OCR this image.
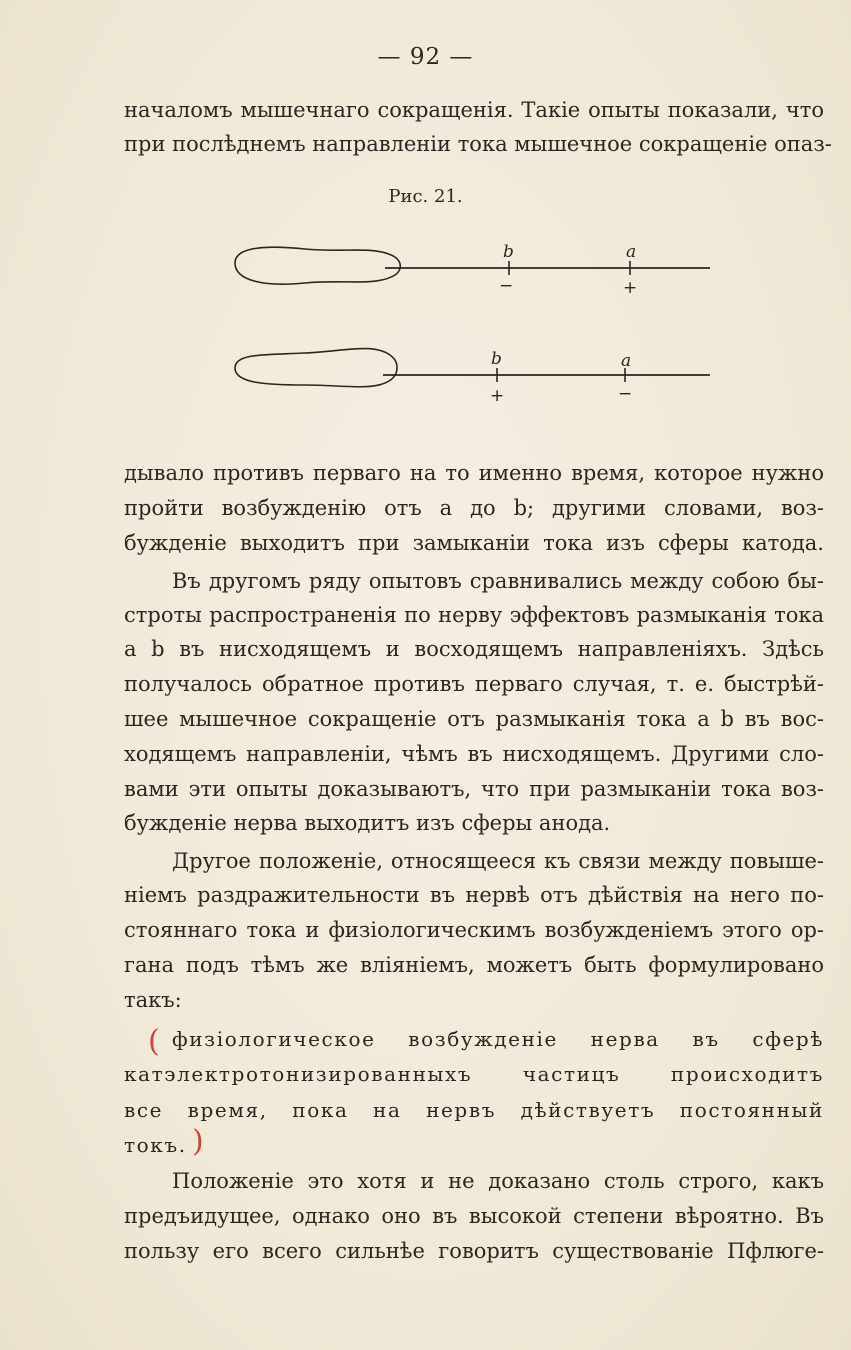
— 92 —
началомъ мышечнаго сокращенія. Такіе опыты показали, что
при послѣднемъ направленіи тока мышечное сокращеніе опаз-
Рис. 21.
b	a
−	+
b	a
+	−
дывало противъ перваго на то именно время, которое нужно
пройти возбужденію отъ a до b; другими словами, воз-
бужденіе выходитъ при замыканіи тока изъ сферы катода.
Въ другомъ ряду опытовъ сравнивались между собою бы-
строты распространенія по нерву эффектовъ размыканія тока
a b въ нисходящемъ и восходящемъ направленіяхъ. Здѣсь
получалось обратное противъ перваго случая, т. е. быстрѣй-
шее мышечное сокращеніе отъ размыканія тока a b въ вос-
ходящемъ направленіи, чѣмъ въ нисходящемъ. Другими сло-
вами эти опыты доказываютъ, что при размыканіи тока воз-
бужденіе нерва выходитъ изъ сферы анода.
Другое положеніе, относящееся къ связи между повыше-
ніемъ раздражительности въ нервѣ отъ дѣйствія на него по-
стояннаго тока и физіологическимъ возбужденіемъ этого ор-
гана подъ тѣмъ же вліяніемъ, можетъ быть формулировано
такъ:
( физіологическое возбужденіе нерва въ сферѣ
катэлектротонизированныхъ частицъ происходитъ
все время, пока на нервъ дѣйствуетъ постоянный
токъ. )
Положеніе это хотя и не доказано столь строго, какъ
предъидущее, однако оно въ высокой степени вѣроятно. Въ
пользу его всего сильнѣе говоритъ существованіе Пфлюге-
